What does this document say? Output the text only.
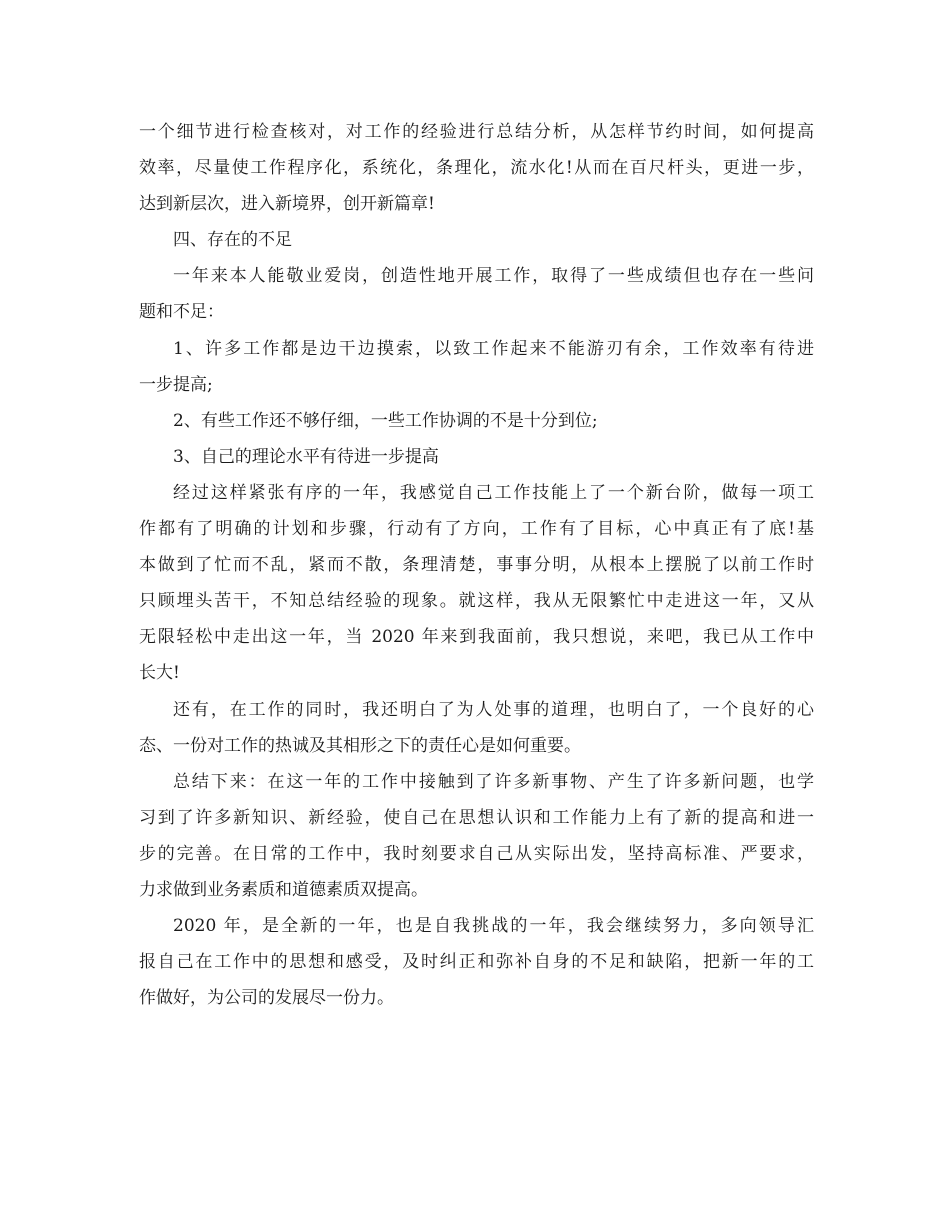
一个细节进行检查核对，对工作的经验进行总结分析，从怎样节约时间，如何提高
效率，尽量使工作程序化，系统化，条理化，流水化!从而在百尺杆头，更进一步，
达到新层次，进入新境界，创开新篇章!
四、存在的不足
一年来本人能敬业爱岗，创造性地开展工作，取得了一些成绩但也存在一些问
题和不足：
1、许多工作都是边干边摸索，以致工作起来不能游刃有余，工作效率有待进
一步提高;
2、有些工作还不够仔细，一些工作协调的不是十分到位;
3、自己的理论水平有待进一步提高
经过这样紧张有序的一年，我感觉自己工作技能上了一个新台阶，做每一项工
作都有了明确的计划和步骤，行动有了方向，工作有了目标，心中真正有了底!基
本做到了忙而不乱，紧而不散，条理清楚，事事分明，从根本上摆脱了以前工作时
只顾埋头苦干，不知总结经验的现象。就这样，我从无限繁忙中走进这一年，又从
无限轻松中走出这一年，当 2020 年来到我面前，我只想说，来吧，我已从工作中
长大!
还有，在工作的同时，我还明白了为人处事的道理，也明白了，一个良好的心
态、一份对工作的热诚及其相形之下的责任心是如何重要。
总结下来：在这一年的工作中接触到了许多新事物、产生了许多新问题，也学
习到了许多新知识、新经验，使自己在思想认识和工作能力上有了新的提高和进一
步的完善。在日常的工作中，我时刻要求自己从实际出发，坚持高标准、严要求，
力求做到业务素质和道德素质双提高。
2020 年，是全新的一年，也是自我挑战的一年，我会继续努力，多向领导汇
报自己在工作中的思想和感受，及时纠正和弥补自身的不足和缺陷，把新一年的工
作做好，为公司的发展尽一份力。
